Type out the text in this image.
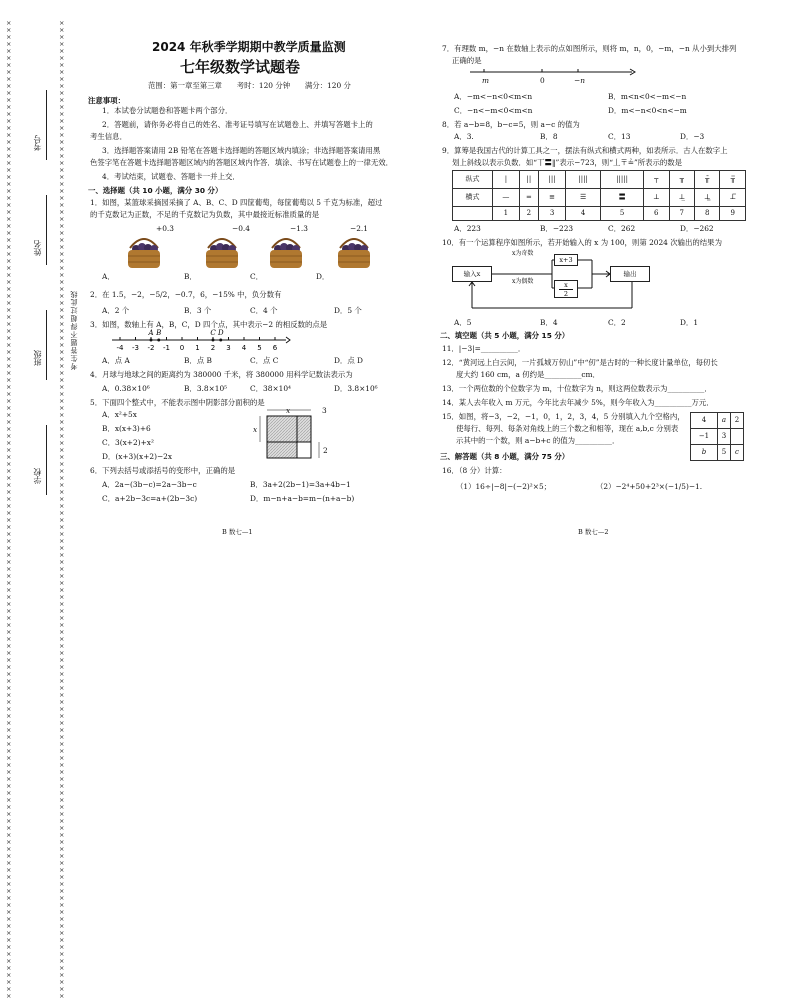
××××××××××××××××××××××××××××××××××××××××××××××××××××××××××××××××××××××××××××××××××××××××××××××××××××××××××××××××××××××××××××××××××××××××××××
××××××××××××××××××××××××××××××××××××××××××××××××××××××××××××××××××××××××××××××××××××××××××××××××××××××××××××××××××××××××××××××××××××××××××××
考号
姓名
班级
学校
考生答题不得超过此线
2024 年秋季学期期中教学质量监测
七年级数学试题卷
范围：第一章至第三章　　考时：120 分钟　　满分：120 分
注意事项：
1．本试卷分试题卷和答题卡两个部分．
2．答题前，请你务必将自己的姓名、准考证号填写在试题卷上、并填写答题卡上的
考生信息．
3．选择题答案请用 2B 铅笔在答题卡选择题的答题区域内填涂；非选择题答案请用黑
色签字笔在答题卡选择题答题区域内的答题区域内作答．填涂、书写在试题卷上的一律无效．
4．考试结束，试题卷、答题卡一并上交．
一、选择题（共 10 小题，满分 30 分）
1．如图，某篮球采摘园采摘了 A、B、C、D 四筐葡萄，每筐葡萄以 5 千克为标准，超过
的千克数记为正数，不足的千克数记为负数，其中最接近标准质量的是
+0.3	−0.4	−1.3	−2.1
A．	B．	C．	D．
2．在 1.5，−2，−5/2，−0.7，6，−15% 中，负分数有
A．2 个	B．3 个	C．4 个	D．5 个
3．如图，数轴上有 A，B，C，D 四个点，其中表示−2 的相反数的点是
-4 -3 -2 -1 0 1 2 3 4 5 6
A B	C D
A．点 A	B．点 B	C．点 C	D．点 D
4．月球与地球之间的距离约为 380000 千米，将 380000 用科学记数法表示为
A．0.38×10⁶	B．3.8×10⁵	C．38×10⁴	D．3.8×10⁶
5．下面四个整式中，不能表示图中阴影部分面积的是
A．x²+5x
B．x(x+3)+6
C．3(x+2)+x²
D．(x+3)(x+2)−2x
x	3
x
2
6．下列去括号或添括号的变形中，正确的是
A．2a−(3b−c)=2a−3b−c	B．3a+2(2b−1)=3a+4b−1
C．a+2b−3c=a+(2b−3c)	D．m−n+a−b=m−(n+a−b)
B 数七—1
7．有理数 m，−n 在数轴上表示的点如图所示，则将 m，n，0，−m，−n 从小到大排列
正确的是
m	0	−n
A．−m<−n<0<m<n	B．m<n<0<−m<−n
C．−n<−m<0<m<n	D．m<−n<0<n<−m
8．若 a−b=8，b−c=5，则 a−c 的值为
A．3.	B．8	C．13	D．−3
9．算筹是我国古代的计算工具之一，摆法有纵式和横式两种，如表所示．古人在数字上
划上斜线以表示负数．如“丅〓‖”表示−723，则“丄〒≟”所表示的数是
纵式	|	||	|||	||||	|||||	┬	╥	╥̄	╥̿
横式	—	═	≡	☰	〓	⊥	⊥̲	⊥̳	⊥̿
	1	2	3	4	5	6	7	8	9
A．223	B．−223	C．262	D．−262
10．有一个运算程序如图所示，若开始输入的 x 为 100，则第 2024 次输出的结果为
输入x
x为奇数
x为偶数
x+3
$\frac{x}{2}$
输出
A．5	B．4	C．2	D．1
二、填空题（共 5 小题，满分 15 分）
11．|−3|=__________．
12．“黄河远上白云间，一片孤城万仞山”中“仞”是古时的一种长度计量单位，每仞长
度大约 160 cm，a 仞约是__________cm．
13．一个两位数的个位数字为 m，十位数字为 n，则这两位数表示为__________．
14．某人去年收入 m 万元，今年比去年减少 5%，则今年收入为__________万元．
15．如图，将−3，−2，−1，0，1，2，3，4，5 分别填入九个空格内，
使每行、每列、每条对角线上的三个数之和相等，现在 a,b,c 分别表
示其中的一个数，则 a−b+c 的值为__________．
4	a	2
−1	3	
b	5	c
三、解答题（共 8 小题，满分 75 分）
16．（8 分）计算：
（1）16÷|−8|−(−2)²×5；	（2）−2⁴+50+2³×(−1/5)−1.
B 数七—2
